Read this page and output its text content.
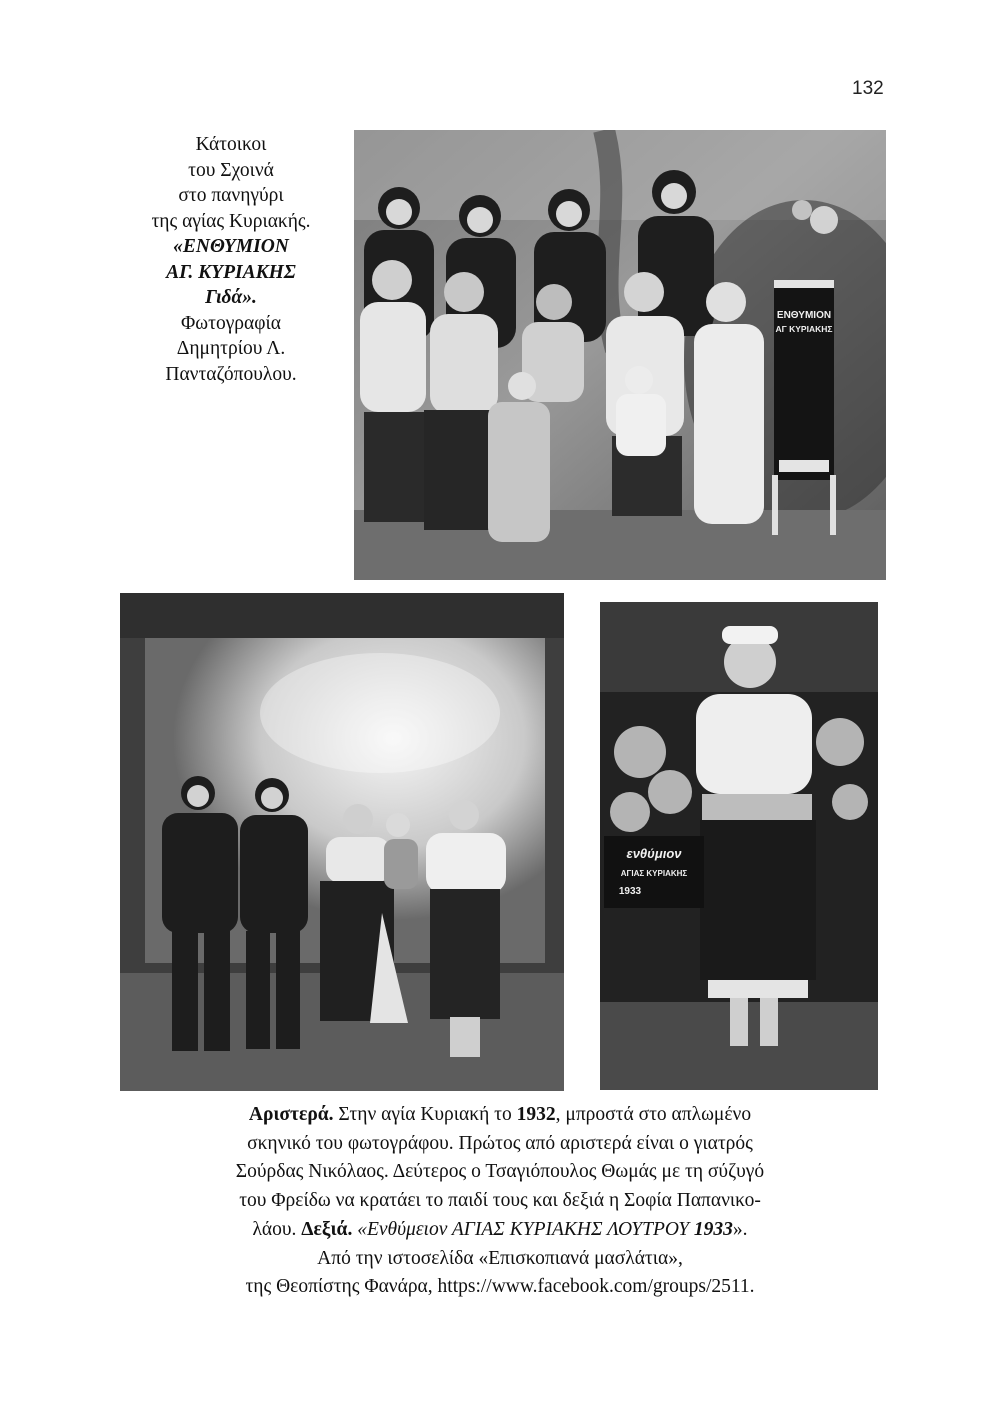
132
Κάτοικοι
του Σχοινά
στο πανηγύρι
της αγίας Κυριακής.
«ΕΝΘΥΜΙΟΝ
ΑΓ. ΚΥΡΙΑΚΗΣ
Γιδά».
Φωτογραφία
Δημητρίου Λ.
Πανταζόπουλου.
ΕΝΘΥΜΙΟΝ
ΑΓ ΚΥΡΙΑΚΗΣ
ενθύμιον
ΑΓΙΑΣ ΚΥΡΙΑΚΗΣ
1933
Αριστερά. Στην αγία Κυριακή το 1932, μπροστά στο απλωμένο
σκηνικό του φωτογράφου. Πρώτος από αριστερά είναι ο γιατρός
Σούρδας Νικόλαος. Δεύτερος ο Τσαγιόπουλος Θωμάς με τη σύζυγό
του Φρείδω να κρατάει το παιδί τους και δεξιά η Σοφία Παπανικο-
λάου. Δεξιά. «Ενθύμειον ΑΓΙΑΣ ΚΥΡΙΑΚΗΣ ΛΟΥΤΡΟΥ 1933».
Από την ιστοσελίδα «Επισκοπιανά μασλάτια»,
της Θεοπίστης Φανάρα, https://www.facebook.com/groups/2511.
